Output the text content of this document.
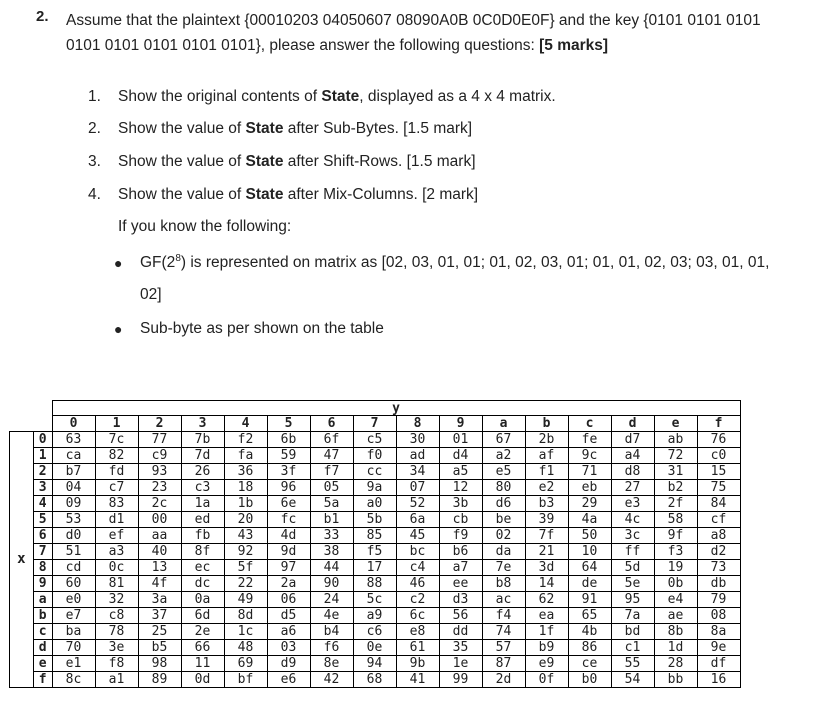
2. Assume that the plaintext {00010203 04050607 08090A0B 0C0D0E0F} and the key {0101 0101 0101 0101 0101 0101 0101 0101}, please answer the following questions: [5 marks]
1. Show the original contents of State, displayed as a 4 x 4 matrix.
2. Show the value of State after Sub-Bytes. [1.5 mark]
3. Show the value of State after Shift-Rows. [1.5 mark]
4. Show the value of State after Mix-Columns. [2 mark]
If you know the following:
● $GF(2^8)$ is represented on matrix as [02, 03, 01, 01; 01, 02, 03, 01; 01, 01, 02, 03; 03, 01, 01, 02]
● Sub-byte as per shown on the table
		y															
		0	1	2	3	4	5	6	7	8	9	a	b	c	d	e	f
x	0	63	7c	77	7b	f2	6b	6f	c5	30	01	67	2b	fe	d7	ab	76
	1	ca	82	c9	7d	fa	59	47	f0	ad	d4	a2	af	9c	a4	72	c0
	2	b7	fd	93	26	36	3f	f7	cc	34	a5	e5	f1	71	d8	31	15
	3	04	c7	23	c3	18	96	05	9a	07	12	80	e2	eb	27	b2	75
	4	09	83	2c	1a	1b	6e	5a	a0	52	3b	d6	b3	29	e3	2f	84
	5	53	d1	00	ed	20	fc	b1	5b	6a	cb	be	39	4a	4c	58	cf
	6	d0	ef	aa	fb	43	4d	33	85	45	f9	02	7f	50	3c	9f	a8
	7	51	a3	40	8f	92	9d	38	f5	bc	b6	da	21	10	ff	f3	d2
	8	cd	0c	13	ec	5f	97	44	17	c4	a7	7e	3d	64	5d	19	73
	9	60	81	4f	dc	22	2a	90	88	46	ee	b8	14	de	5e	0b	db
	a	e0	32	3a	0a	49	06	24	5c	c2	d3	ac	62	91	95	e4	79
	b	e7	c8	37	6d	8d	d5	4e	a9	6c	56	f4	ea	65	7a	ae	08
	c	ba	78	25	2e	1c	a6	b4	c6	e8	dd	74	1f	4b	bd	8b	8a
	d	70	3e	b5	66	48	03	f6	0e	61	35	57	b9	86	c1	1d	9e
	e	e1	f8	98	11	69	d9	8e	94	9b	1e	87	e9	ce	55	28	df
	f	8c	a1	89	0d	bf	e6	42	68	41	99	2d	0f	b0	54	bb	16
